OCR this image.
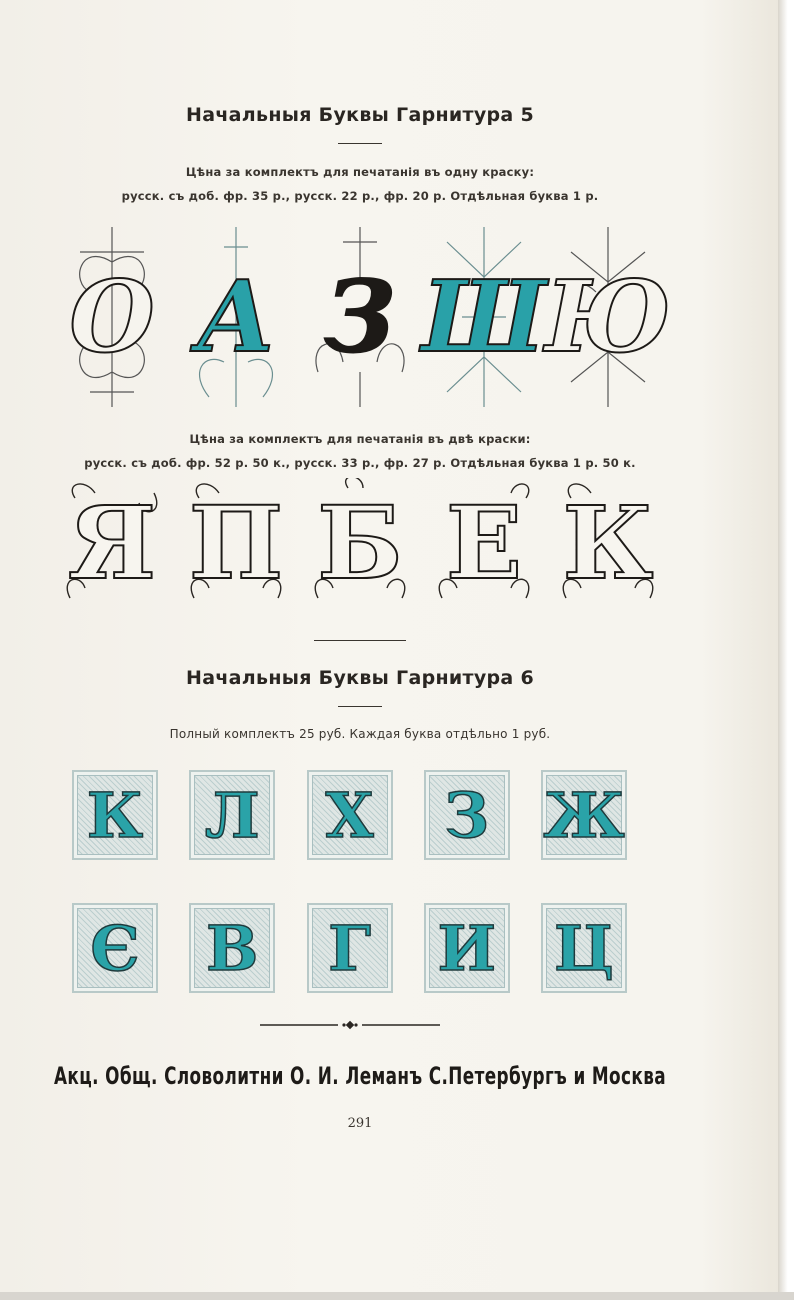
Начальныя Буквы Гарнитура 5
Цѣна за комплектъ для печатанія въ одну краску:
русск. съ доб. фр. 35 р., русск. 22 р., фр. 20 р. Отдѣльная буква 1 р.
О А З Ш
Ю
Цѣна за комплектъ для печатанія въ двѣ краски:
русск. съ доб. фр. 52 р. 50 к., русск. 33 р., фр. 27 р. Отдѣльная буква 1 р. 50 к.
Я П Б Е К
Начальныя Буквы Гарнитура 6
Полный комплектъ 25 руб. Каждая буква отдѣльно 1 руб.
К Л Х З Ж
Є В Г И Ц
Акц. Общ. Словолитни О. И. Леманъ С.Петербургъ и Москва
291
